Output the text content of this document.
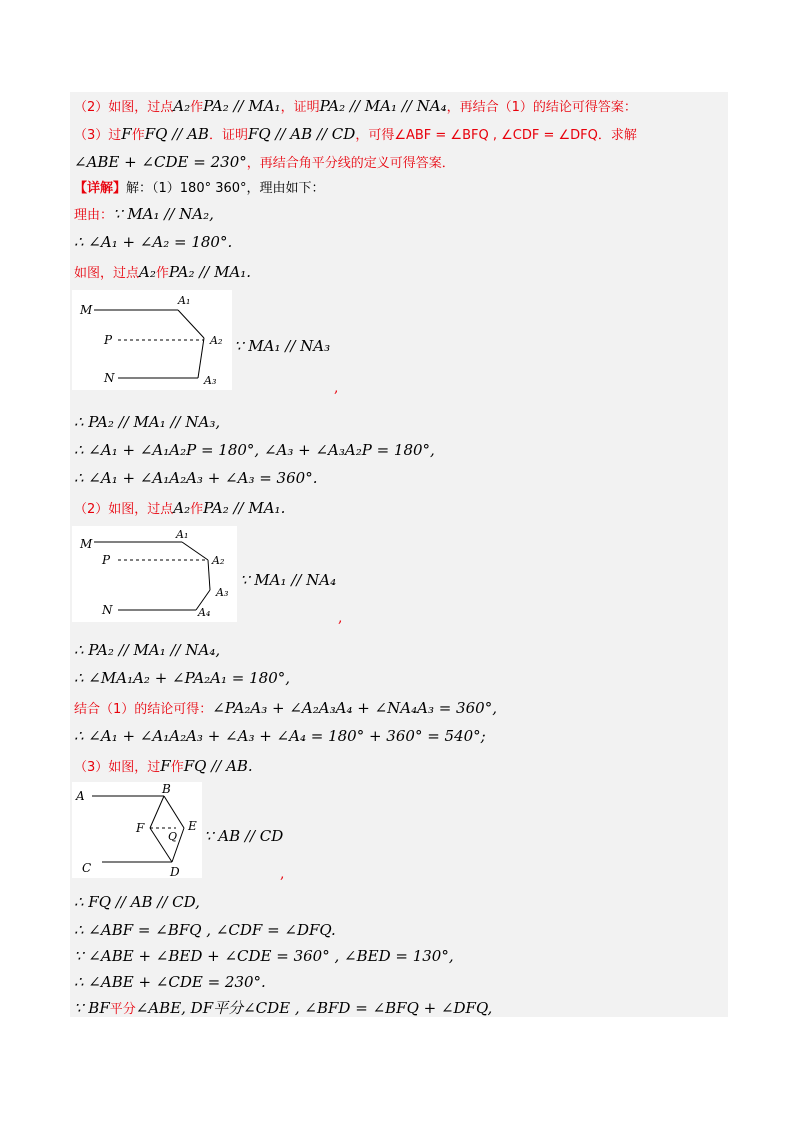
（2）如图，过点A₂作PA₂ // MA₁，证明PA₂ // MA₁ // NA₄，再结合（1）的结论可得答案：
（3）过F作FQ // AB．证明FQ // AB // CD，可得∠ABF = ∠BFQ , ∠CDF = ∠DFQ．求解
∠ABE + ∠CDE = 230°，再结合角平分线的定义可得答案．
【详解】解：（1）180° 360°，理由如下：
理由：∵ MA₁ // NA₂,
∴ ∠A₁ + ∠A₂ = 180°.
如图，过点A₂作PA₂ // MA₁.
M
A₁
P	A₂
N	A₃
∵ MA₁ // NA₃
,
∴ PA₂ // MA₁ // NA₃,
∴ ∠A₁ + ∠A₁A₂P = 180°, ∠A₃ + ∠A₃A₂P = 180°,
∴ ∠A₁ + ∠A₁A₂A₃ + ∠A₃ = 360°.
（2）如图，过点A₂作PA₂ // MA₁.
M
A₁
P	A₂
A₃
N	A₄
∵ MA₁ // NA₄
,
∴ PA₂ // MA₁ // NA₄,
∴ ∠MA₁A₂ + ∠PA₂A₁ = 180°,
结合（1）的结论可得：∠PA₂A₃ + ∠A₂A₃A₄ + ∠NA₄A₃ = 360°,
∴ ∠A₁ + ∠A₁A₂A₃ + ∠A₃ + ∠A₄ = 180° + 360° = 540°;
（3）如图，过F作FQ // AB.
A	B
F
Q
E
C	D
∵ AB // CD
,
∴ FQ // AB // CD,
∴ ∠ABF = ∠BFQ , ∠CDF = ∠DFQ.
∵ ∠ABE + ∠BED + ∠CDE = 360° , ∠BED = 130°,
∴ ∠ABE + ∠CDE = 230°.
∵ BF平分∠ABE, DF平分∠CDE , ∠BFD = ∠BFQ + ∠DFQ,
